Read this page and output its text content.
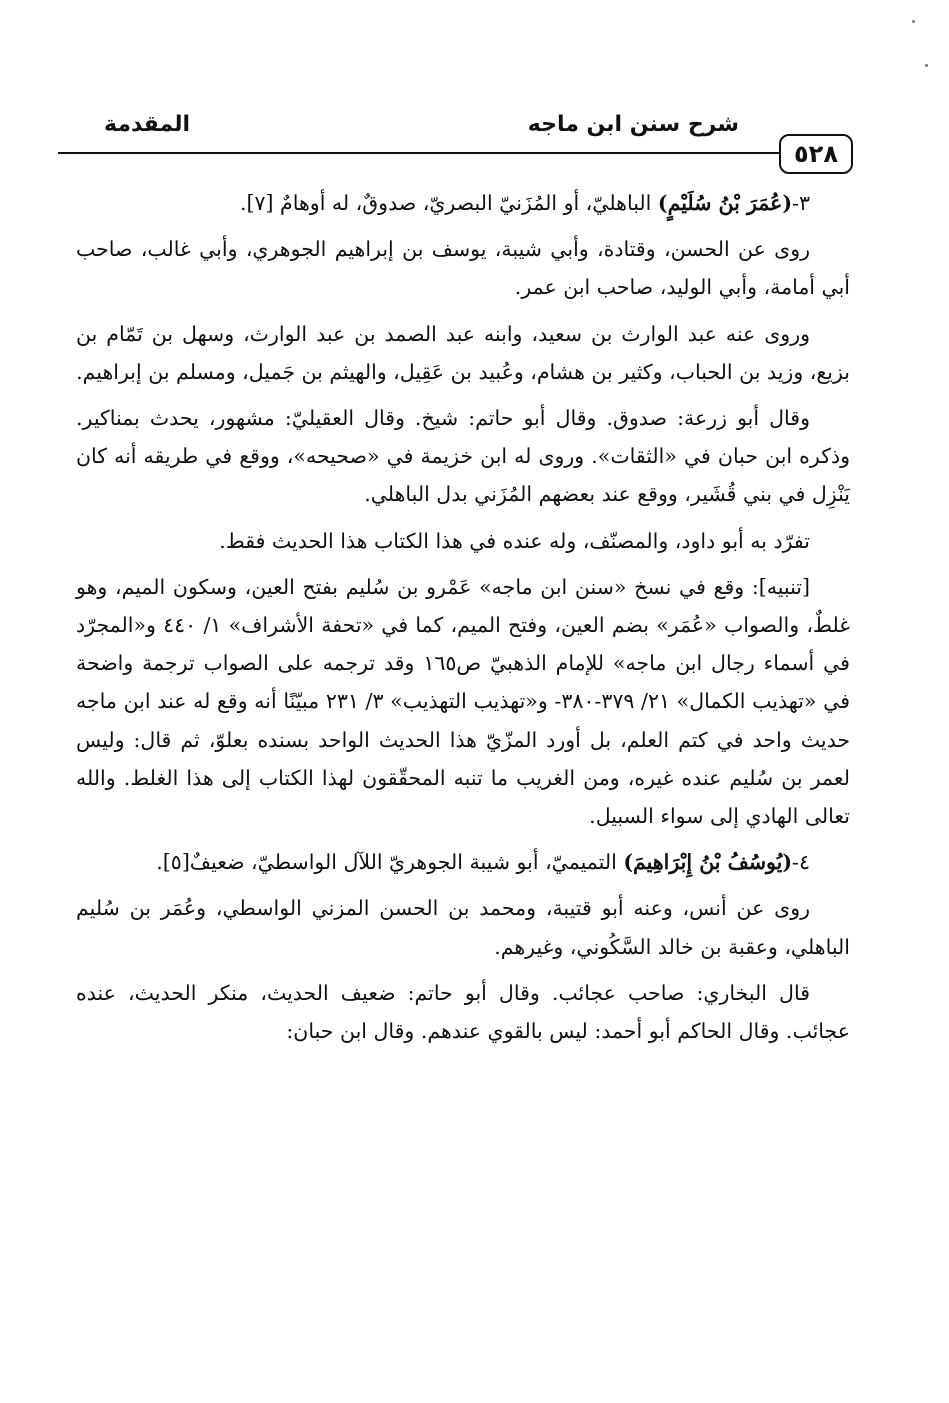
شرح سنن ابن ماجه
المقدمة
٥٢٨

٣-(عُمَرَ بْنُ سُلَيْمٍ) الباهليّ، أو المُزَنيّ البصريّ، صدوقٌ، له أوهامٌ [٧].

روى عن الحسن، وقتادة، وأبي شيبة، يوسف بن إبراهيم الجوهري، وأبي غالب، صاحب أبي أمامة، وأبي الوليد، صاحب ابن عمر.

وروى عنه عبد الوارث بن سعيد، وابنه عبد الصمد بن عبد الوارث، وسهل بن تَمّام بن بزيع، وزيد بن الحباب، وكثير بن هشام، وعُبيد بن عَقِيل، والهيثم بن جَميل، ومسلم بن إبراهيم.

وقال أبو زرعة: صدوق. وقال أبو حاتم: شيخ. وقال العقيليّ: مشهور، يحدث بمناكير. وذكره ابن حبان في «الثقات». وروى له ابن خزيمة في «صحيحه»، ووقع في طريقه أنه كان يَنْزِل في بني قُشَير، ووقع عند بعضهم المُزَني بدل الباهلي.

تفرّد به أبو داود، والمصنّف، وله عنده في هذا الكتاب هذا الحديث فقط.

[تنبيه]: وقع في نسخ «سنن ابن ماجه» عَمْرو بن سُليم بفتح العين، وسكون الميم، وهو غلطٌ، والصواب «عُمَر» بضم العين، وفتح الميم، كما في «تحفة الأشراف» ١/ ٤٤٠ و«المجرّد في أسماء رجال ابن ماجه» للإمام الذهبيّ ص١٦٥ وقد ترجمه على الصواب ترجمة واضحة في «تهذيب الكمال» ٢١/ ٣٧٩-٣٨٠- و«تهذيب التهذيب» ٣/ ٢٣١ مبيّنًا أنه وقع له عند ابن ماجه حديث واحد في كتم العلم، بل أورد المزّيّ هذا الحديث الواحد بسنده بعلوّ، ثم قال: وليس لعمر بن سُليم عنده غيره، ومن الغريب ما تنبه المحقّقون لهذا الكتاب إلى هذا الغلط. والله تعالى الهادي إلى سواء السبيل.

٤-(يُوسُفُ بْنُ إِبْرَاهِيمَ) التميميّ، أبو شيبة الجوهريّ اللآل الواسطيّ، ضعيفٌ[٥].

روى عن أنس، وعنه أبو قتيبة، ومحمد بن الحسن المزني الواسطي، وعُمَر بن سُليم الباهلي، وعقبة بن خالد السَّكُوني، وغيرهم.

قال البخاري: صاحب عجائب. وقال أبو حاتم: ضعيف الحديث، منكر الحديث، عنده عجائب. وقال الحاكم أبو أحمد: ليس بالقوي عندهم. وقال ابن حبان:
